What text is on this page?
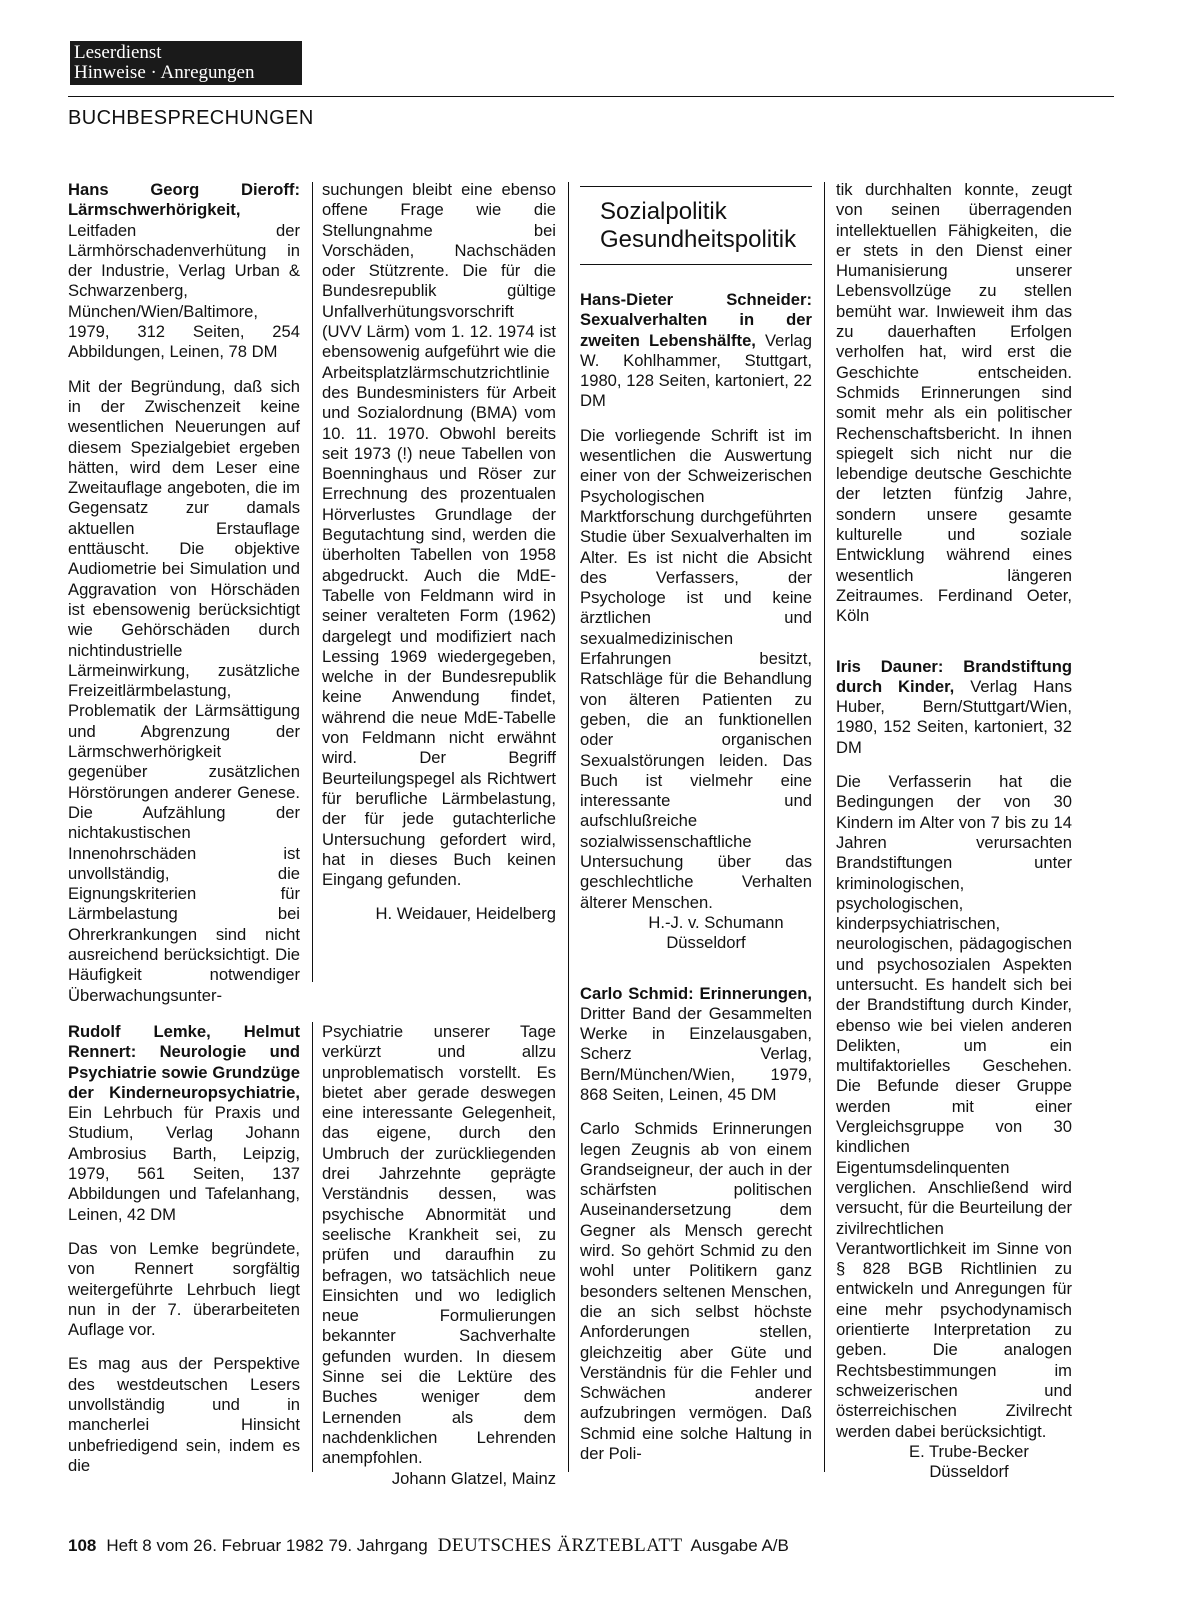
Leserdienst
Hinweise · Anregungen
BUCHBESPRECHUNGEN

Hans Georg Dieroff: Lärmschwerhörigkeit, Leitfaden der Lärmhörschadenverhütung in der Industrie, Verlag Urban & Schwarzenberg, München/Wien/Baltimore, 1979, 312 Seiten, 254 Abbildungen, Leinen, 78 DM

Mit der Begründung, daß sich in der Zwischenzeit keine wesentlichen Neuerungen auf diesem Spezialgebiet ergeben hätten, wird dem Leser eine Zweitauflage angeboten, die im Gegensatz zur damals aktuellen Erstauflage enttäuscht. Die objektive Audiometrie bei Simulation und Aggravation von Hörschäden ist ebensowenig berücksichtigt wie Gehörschäden durch nichtindustrielle Lärmeinwirkung, zusätzliche Freizeitlärmbelastung, Problematik der Lärmsättigung und Abgrenzung der Lärmschwerhörigkeit gegenüber zusätzlichen Hörstörungen anderer Genese. Die Aufzählung der nichtakustischen Innenohrschäden ist unvollständig, die Eignungskriterien für Lärmbelastung bei Ohrerkrankungen sind nicht ausreichend berücksichtigt. Die Häufigkeit notwendiger Überwachungsunter-

Rudolf Lemke, Helmut Rennert: Neurologie und Psychiatrie sowie Grundzüge der Kinderneuropsychiatrie, Ein Lehrbuch für Praxis und Studium, Verlag Johann Ambrosius Barth, Leipzig, 1979, 561 Seiten, 137 Abbildungen und Tafelanhang, Leinen, 42 DM

Das von Lemke begründete, von Rennert sorgfältig weitergeführte Lehrbuch liegt nun in der 7. überarbeiteten Auflage vor.

Es mag aus der Perspektive des westdeutschen Lesers unvollständig und in mancherlei Hinsicht unbefriedigend sein, indem es die

suchungen bleibt eine ebenso offene Frage wie die Stellungnahme bei Vorschäden, Nachschäden oder Stützrente. Die für die Bundesrepublik gültige Unfallverhütungsvorschrift (UVV Lärm) vom 1. 12. 1974 ist ebensowenig aufgeführt wie die Arbeitsplatzlärmschutzrichtlinie des Bundesministers für Arbeit und Sozialordnung (BMA) vom 10. 11. 1970. Obwohl bereits seit 1973 (!) neue Tabellen von Boenninghaus und Röser zur Errechnung des prozentualen Hörverlustes Grundlage der Begutachtung sind, werden die überholten Tabellen von 1958 abgedruckt. Auch die MdE-Tabelle von Feldmann wird in seiner veralteten Form (1962) dargelegt und modifiziert nach Lessing 1969 wiedergegeben, welche in der Bundesrepublik keine Anwendung findet, während die neue MdE-Tabelle von Feldmann nicht erwähnt wird. Der Begriff Beurteilungspegel als Richtwert für berufliche Lärmbelastung, der für jede gutachterliche Untersuchung gefordert wird, hat in dieses Buch keinen Eingang gefunden.

H. Weidauer, Heidelberg

Psychiatrie unserer Tage verkürzt und allzu unproblematisch vorstellt. Es bietet aber gerade deswegen eine interessante Gelegenheit, das eigene, durch den Umbruch der zurückliegenden drei Jahrzehnte geprägte Verständnis dessen, was psychische Abnormität und seelische Krankheit sei, zu prüfen und daraufhin zu befragen, wo tatsächlich neue Einsichten und wo lediglich neue Formulierungen bekannter Sachverhalte gefunden wurden. In diesem Sinne sei die Lektüre des Buches weniger dem Lernenden als dem nachdenklichen Lehrenden anempfohlen.

Johann Glatzel, Mainz

Sozialpolitik
Gesundheitspolitik

Hans-Dieter Schneider: Sexualverhalten in der zweiten Lebenshälfte, Verlag W. Kohlhammer, Stuttgart, 1980, 128 Seiten, kartoniert, 22 DM

Die vorliegende Schrift ist im wesentlichen die Auswertung einer von der Schweizerischen Psychologischen Marktforschung durchgeführten Studie über Sexualverhalten im Alter. Es ist nicht die Absicht des Verfassers, der Psychologe ist und keine ärztlichen und sexualmedizinischen Erfahrungen besitzt, Ratschläge für die Behandlung von älteren Patienten zu geben, die an funktionellen oder organischen Sexualstörungen leiden. Das Buch ist vielmehr eine interessante und aufschlußreiche sozialwissenschaftliche Untersuchung über das geschlechtliche Verhalten älterer Menschen.

H.-J. v. Schumann

Düsseldorf

Carlo Schmid: Erinnerungen, Dritter Band der Gesammelten Werke in Einzelausgaben, Scherz Verlag, Bern/München/Wien, 1979, 868 Seiten, Leinen, 45 DM

Carlo Schmids Erinnerungen legen Zeugnis ab von einem Grandseigneur, der auch in der schärfsten politischen Auseinandersetzung dem Gegner als Mensch gerecht wird. So gehört Schmid zu den wohl unter Politikern ganz besonders seltenen Menschen, die an sich selbst höchste Anforderungen stellen, gleichzeitig aber Güte und Verständnis für die Fehler und Schwächen anderer aufzubringen vermögen. Daß Schmid eine solche Haltung in der Poli-

tik durchhalten konnte, zeugt von seinen überragenden intellektuellen Fähigkeiten, die er stets in den Dienst einer Humanisierung unserer Lebensvollzüge zu stellen bemüht war. Inwieweit ihm das zu dauerhaften Erfolgen verholfen hat, wird erst die Geschichte entscheiden. Schmids Erinnerungen sind somit mehr als ein politischer Rechenschaftsbericht. In ihnen spiegelt sich nicht nur die lebendige deutsche Geschichte der letzten fünfzig Jahre, sondern unsere gesamte kulturelle und soziale Entwicklung während eines wesentlich längeren Zeitraumes. Ferdinand Oeter, Köln

Iris Dauner: Brandstiftung durch Kinder, Verlag Hans Huber, Bern/Stuttgart/Wien, 1980, 152 Seiten, kartoniert, 32 DM

Die Verfasserin hat die Bedingungen der von 30 Kindern im Alter von 7 bis zu 14 Jahren verursachten Brandstiftungen unter kriminologischen, psychologischen, kinderpsychiatrischen, neurologischen, pädagogischen und psychosozialen Aspekten untersucht. Es handelt sich bei der Brandstiftung durch Kinder, ebenso wie bei vielen anderen Delikten, um ein multifaktorielles Geschehen. Die Befunde dieser Gruppe werden mit einer Vergleichsgruppe von 30 kindlichen Eigentumsdelinquenten verglichen. Anschließend wird versucht, für die Beurteilung der zivilrechtlichen Verantwortlichkeit im Sinne von § 828 BGB Richtlinien zu entwickeln und Anregungen für eine mehr psychodynamisch orientierte Interpretation zu geben. Die analogen Rechtsbestimmungen im schweizerischen und österreichischen Zivilrecht werden dabei berücksichtigt.

E. Trube-Becker

Düsseldorf

108 Heft 8 vom 26. Februar 1982 79. Jahrgang DEUTSCHES ÄRZTEBLATT Ausgabe A/B
